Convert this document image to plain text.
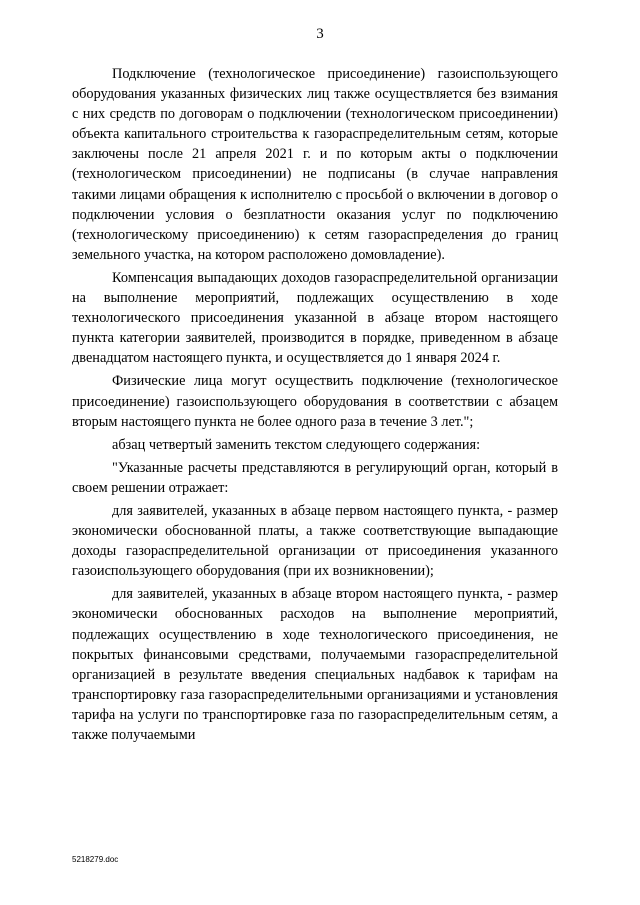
3

Подключение (технологическое присоединение) газоиспользующего оборудования указанных физических лиц также осуществляется без взимания с них средств по договорам о подключении (технологическом присоединении) объекта капитального строительства к газораспределительным сетям, которые заключены после 21 апреля 2021 г. и по которым акты о подключении (технологическом присоединении) не подписаны (в случае направления такими лицами обращения к исполнителю с просьбой о включении в договор о подключении условия о безплатности оказания услуг по подключению (технологическому присоединению) к сетям газораспределения до границ земельного участка, на котором расположено домовладение).

Компенсация выпадающих доходов газораспределительной организации на выполнение мероприятий, подлежащих осуществлению в ходе технологического присоединения указанной в абзаце втором настоящего пункта категории заявителей, производится в порядке, приведенном в абзаце двенадцатом настоящего пункта, и осуществляется до 1 января 2024 г.

Физические лица могут осуществить подключение (технологическое присоединение) газоиспользующего оборудования в соответствии с абзацем вторым настоящего пункта не более одного раза в течение 3 лет.";

абзац четвертый заменить текстом следующего содержания:

"Указанные расчеты представляются в регулирующий орган, который в своем решении отражает:

для заявителей, указанных в абзаце первом настоящего пункта, - размер экономически обоснованной платы, а также соответствующие выпадающие доходы газораспределительной организации от присоединения указанного газоиспользующего оборудования (при их возникновении);

для заявителей, указанных в абзаце втором настоящего пункта, - размер экономически обоснованных расходов на выполнение мероприятий, подлежащих осуществлению в ходе технологического присоединения, не покрытых финансовыми средствами, получаемыми газораспределительной организацией в результате введения специальных надбавок к тарифам на транспортировку газа газораспределительными организациями и установления тарифа на услуги по транспортировке газа по газораспределительным сетям, а также получаемыми

5218279.doc
